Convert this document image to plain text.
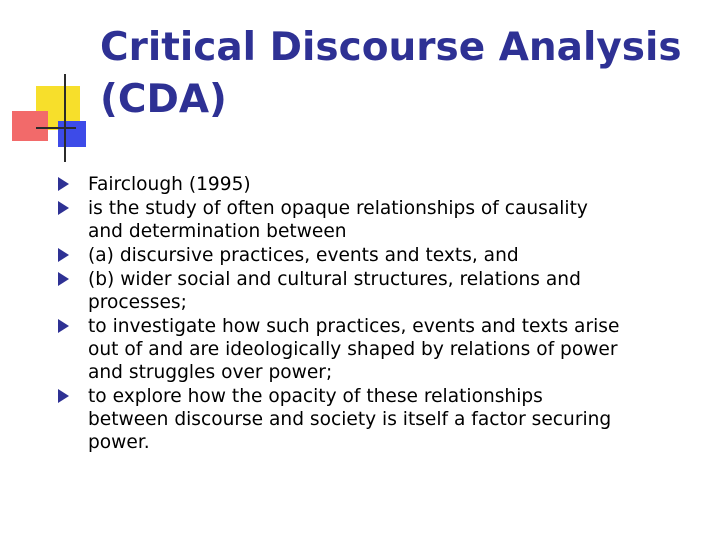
Critical Discourse Analysis
(CDA)
Fairclough (1995)
is the study of often opaque relationships of causality
and determination between
(a) discursive practices, events and texts, and
(b) wider social and cultural structures, relations and
processes;
to investigate how such practices, events and texts arise
out of and are ideologically shaped by relations of power
and struggles over power;
to explore how the opacity of these relationships
between discourse and society is itself a factor securing
power.
